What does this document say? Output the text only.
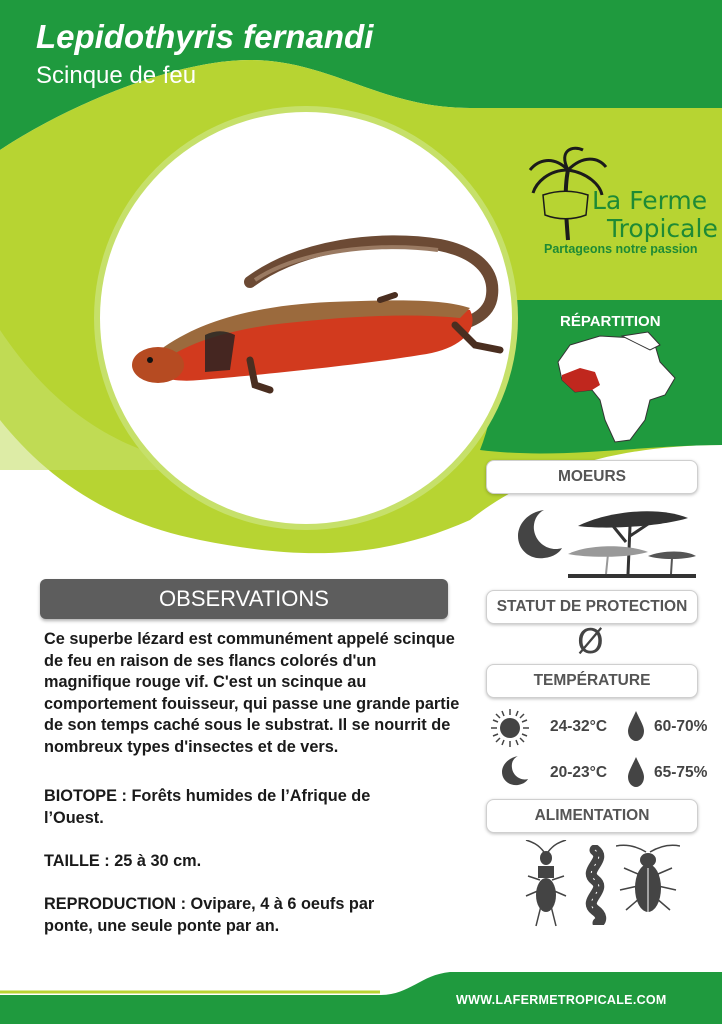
Lepidothyris fernandi
Scinque de feu
La Ferme
Tropicale
Partageons notre passion
RÉPARTITION
MOEURS
STATUT DE PROTECTION
Ø
TEMPÉRATURE
24-32°C	60-70%
20-23°C	65-75%
ALIMENTATION
OBSERVATIONS
Ce superbe lézard est communément appelé scinque de feu en raison de ses flancs colorés d'un magnifique rouge vif. C'est un scinque au comportement fouisseur, qui passe une grande partie de son temps caché sous le substrat. Il se nourrit de nombreux types d'insectes et de vers.
BIOTOPE : Forêts humides de l’Afrique de l’Ouest.
TAILLE : 25 à 30 cm.
REPRODUCTION : Ovipare, 4 à 6 oeufs par ponte, une seule ponte par an.
WWW.LAFERMETROPICALE.COM
